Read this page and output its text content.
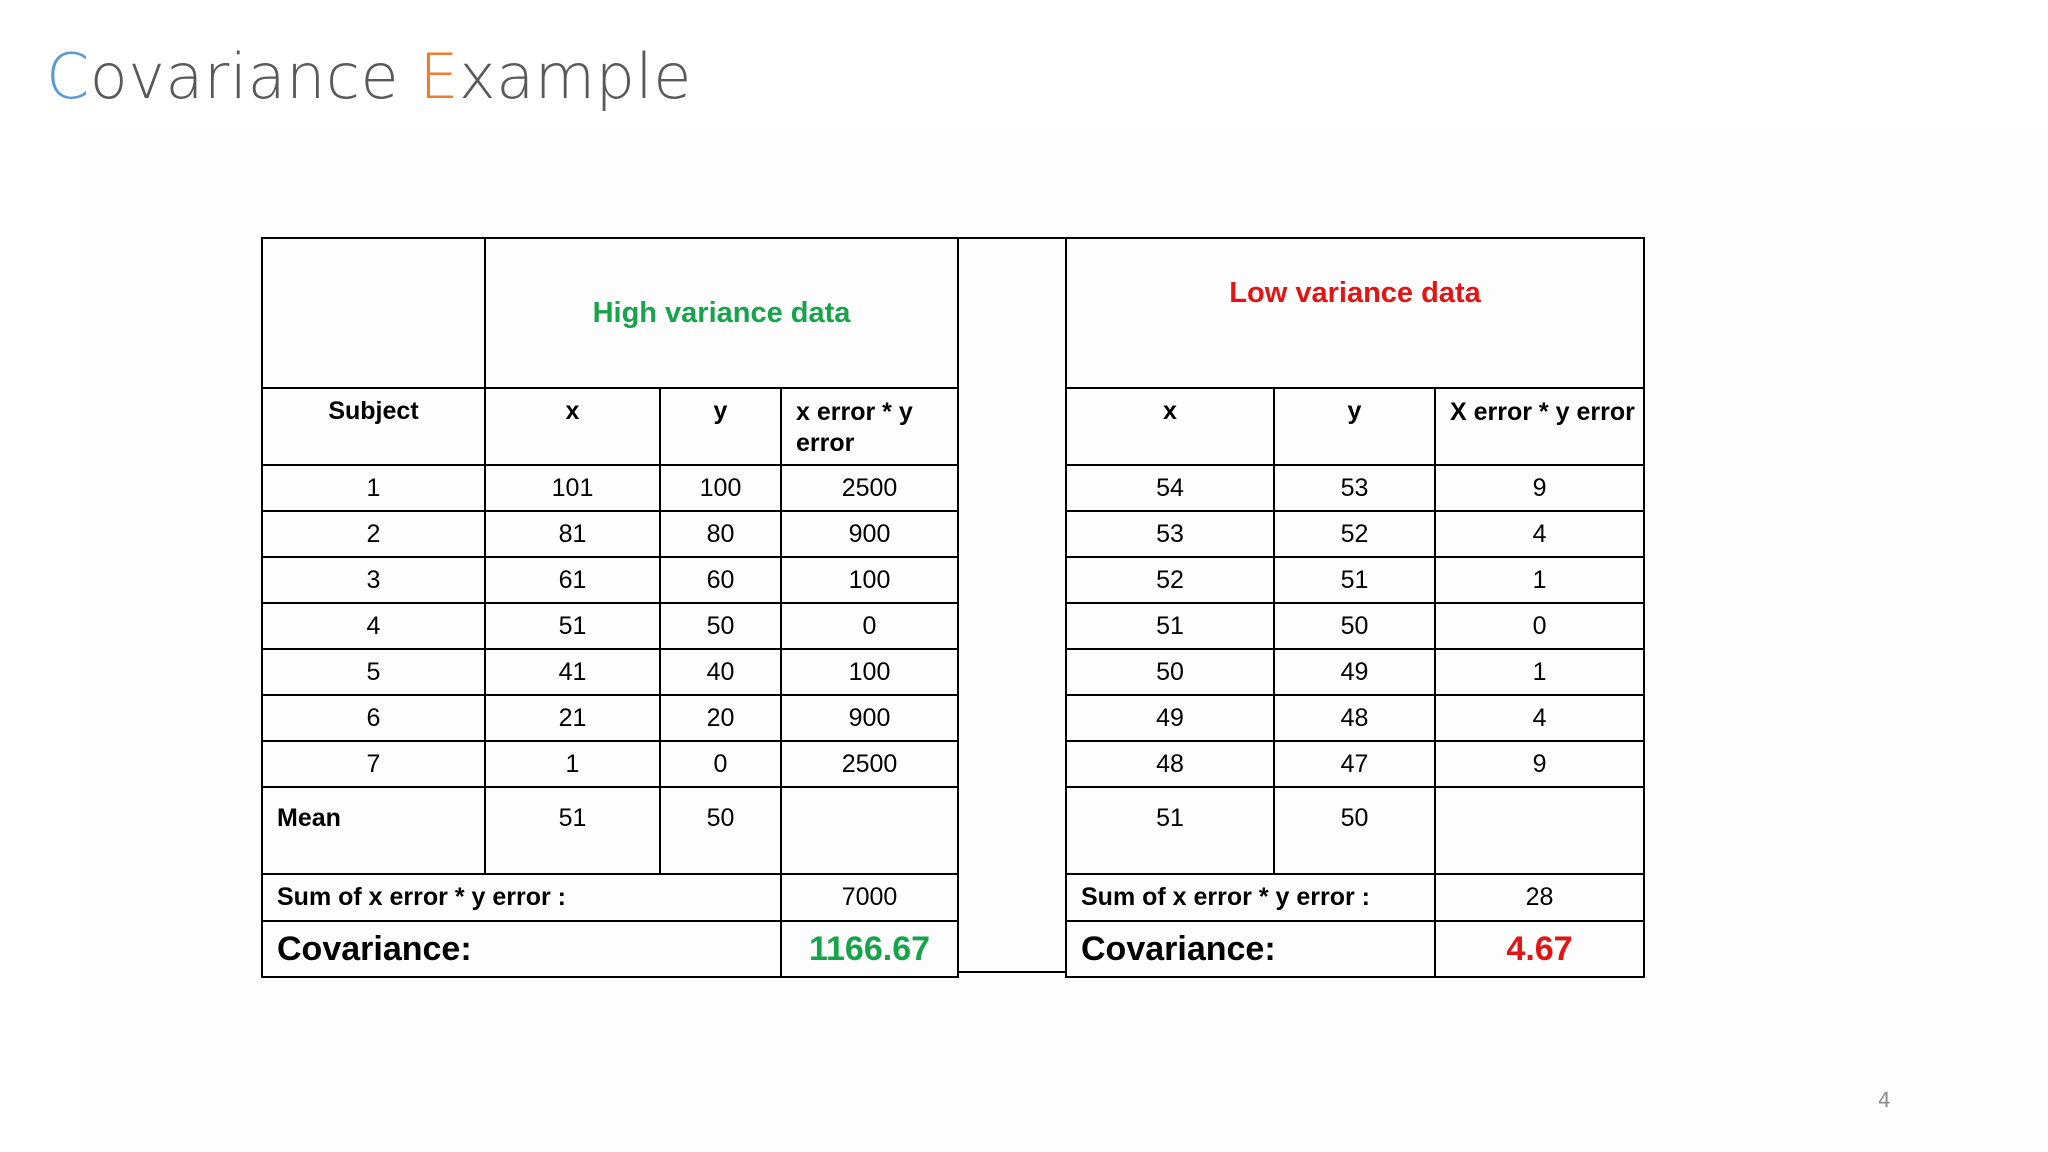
Covariance Example
	High variance data		
Subject	x	y	x error * y error
1	101	100	2500
2	81	80	900
3	61	60	100
4	51	50	0
5	41	40	100
6	21	20	900
7	1	0	2500
Mean	51	50	
Sum of x error * y error :			7000
Covariance:			1166.67
Low variance data		
x	y	X error * y error
54	53	9
53	52	4
52	51	1
51	50	0
50	49	1
49	48	4
48	47	9
51	50	
Sum of x error * y error :		28
Covariance:		4.67
4
